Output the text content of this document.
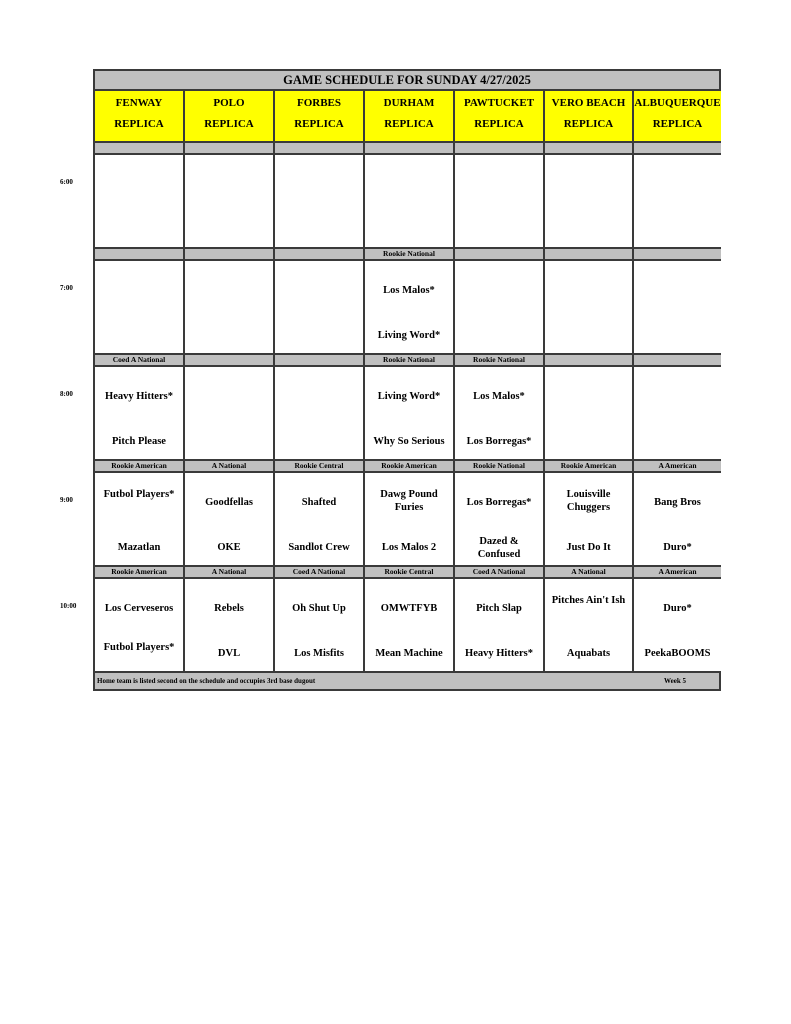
GAME SCHEDULE FOR SUNDAY 4/27/2025
Home team is listed second on the schedule and occupies 3rd base dugout	Week 5
FENWAY
REPLICA
POLO
REPLICA
FORBES
REPLICA
DURHAM
REPLICA
PAWTUCKET
REPLICA
VERO BEACH
REPLICA
ALBUQUERQUE
REPLICA
Rookie National
Los Malos*
Living Word*
Coed A National
Heavy Hitters*
Pitch Please
Rookie National
Living Word*
Why So Serious
Rookie National
Los Malos*
Los Borregas*
Rookie American
Futbol Players*
Mazatlan
A National
Goodfellas
OKE
Rookie Central
Shafted
Sandlot Crew
Rookie American
Dawg Pound Furies
Los Malos 2
Rookie National
Los Borregas*
Dazed & Confused
Rookie American
Louisville Chuggers
Just Do It
A American
Bang Bros
Duro*
Rookie American
Los Cerveseros
Futbol Players*
A National
Rebels
DVL
Coed A National
Oh Shut Up
Los Misfits
Rookie Central
OMWTFYB
Mean Machine
Coed A National
Pitch Slap
Heavy Hitters*
A National
Pitches Ain't Ish
Aquabats
A American
Duro*
PeekaBOOMS
6:00
7:00
8:00
9:00
10:00
